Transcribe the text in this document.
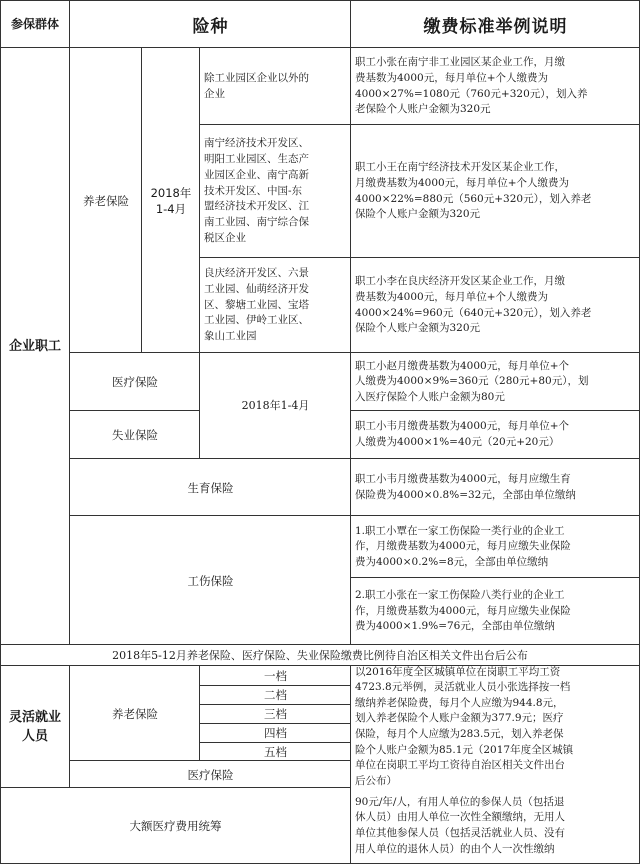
参保群体	险种	缴费标准举例说明
企业职工
养老保险
2018年
1-4月
除工业园区企业以外的
企业
职工小张在南宁非工业园区某企业工作，月缴
费基数为4000元，每月单位+个人缴费为
4000×27%=1080元（760元+320元），划入养
老保险个人账户金额为320元
南宁经济技术开发区、
明阳工业园区、生态产
业园区企业、南宁高新
技术开发区、中国-东
盟经济技术开发区、江
南工业园、南宁综合保
税区企业
职工小王在南宁经济技术开发区某企业工作，
月缴费基数为4000元，每月单位+个人缴费为
4000×22%=880元（560元+320元），划入养老
保险个人账户金额为320元
良庆经济开发区、六景
工业园、仙萌经济开发
区、黎塘工业园、宝塔
工业园、伊岭工业区、
象山工业园
职工小李在良庆经济开发区某企业工作，月缴
费基数为4000元，每月单位+个人缴费为
4000×24%=960元（640元+320元），划入养老
保险个人账户金额为320元
医疗保险
失业保险
2018年1-4月
职工小赵月缴费基数为4000元，每月单位+个
人缴费为4000×9%=360元（280元+80元），划
入医疗保险个人账户金额为80元
职工小韦月缴费基数为4000元，每月单位+个
人缴费为4000×1%=40元（20元+20元）
生育保险
职工小韦月缴费基数为4000元，每月应缴生育
保险费为4000×0.8%=32元，全部由单位缴纳
工伤保险
1.职工小覃在一家工伤保险一类行业的企业工
作，月缴费基数为4000元，每月应缴失业保险
费为4000×0.2%=8元，全部由单位缴纳
2.职工小张在一家工伤保险八类行业的企业工
作，月缴费基数为4000元，每月应缴失业保险
费为4000×1.9%=76元，全部由单位缴纳
2018年5-12月养老保险、医疗保险、失业保险缴费比例待自治区相关文件出台后公布
灵活就业
人员
养老保险
医疗保险
以2016年度全区城镇单位在岗职工平均工资
4723.8元举例，灵活就业人员小张选择按一档
缴纳养老保险费，每月个人应缴为944.8元，
划入养老保险个人账户金额为377.9元；医疗
保险，每月个人应缴为283.5元，划入养老保
险个人账户金额为85.1元（2017年度全区城镇
单位在岗职工平均工资待自治区相关文件出台
后公布）
大额医疗费用统筹
90元/年/人，有用人单位的参保人员（包括退
休人员）由用人单位一次性全额缴纳，无用人
单位其他参保人员（包括灵活就业人员、没有
用人单位的退休人员）的由个人一次性缴纳
一档
二档
三档
四档
五档
